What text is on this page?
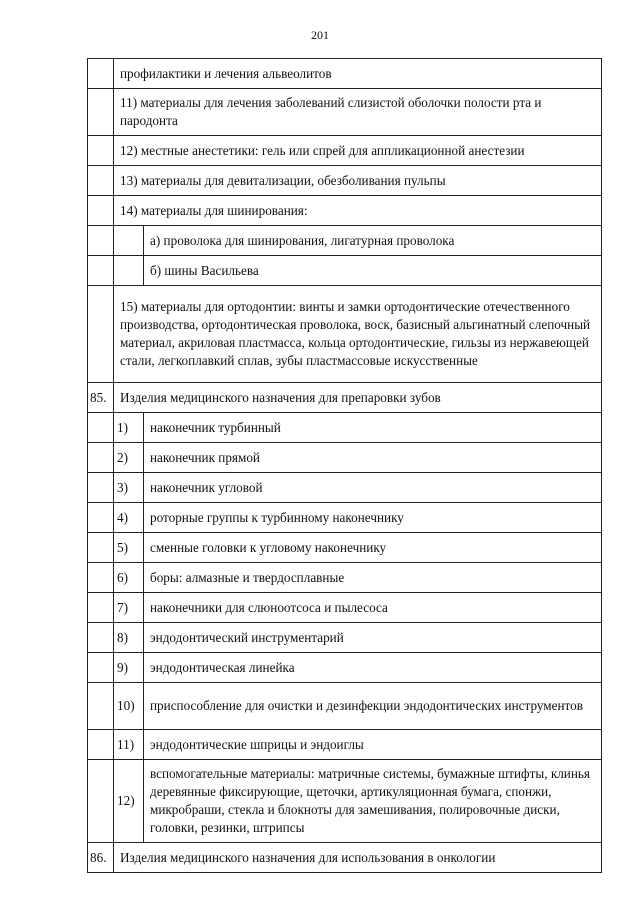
201
	профилактики и лечения альвеолитов	
	11) материалы для лечения заболеваний слизистой оболочки полости рта и пародонта	
	12) местные анестетики: гель или спрей для аппликационной анестезии	
	13) материалы для девитализации, обезболивания пульпы	
	14) материалы для шинирования:	
		а) проволока для шинирования, лигатурная проволока
		б) шины Васильева
	15) материалы для ортодонтии: винты и замки ортодонтические отечественного производства, ортодонтическая проволока, воск, базисный альгинатный слепочный материал, акриловая пластмасса, кольца ортодонтические, гильзы из нержавеющей стали, легкоплавкий сплав, зубы пластмассовые искусственные	
85.	Изделия медицинского назначения для препаровки зубов	
	1)	наконечник турбинный
	2)	наконечник прямой
	3)	наконечник угловой
	4)	роторные группы к турбинному наконечнику
	5)	сменные головки к угловому наконечнику
	6)	боры: алмазные и твердосплавные
	7)	наконечники для слюноотсоса и пылесоса
	8)	эндодонтический инструментарий
	9)	эндодонтическая линейка
	10)	приспособление для очистки и дезинфекции эндодонтических инструментов
	11)	эндодонтические шприцы и эндоиглы
	12)	вспомогательные материалы: матричные системы, бумажные штифты, клинья деревянные фиксирующие, щеточки, артикуляционная бумага, спонжи, микробраши, стекла и блокноты для замешивания, полировочные диски, головки, резинки, штрипсы
86.	Изделия медицинского назначения для использования в онкологии	
